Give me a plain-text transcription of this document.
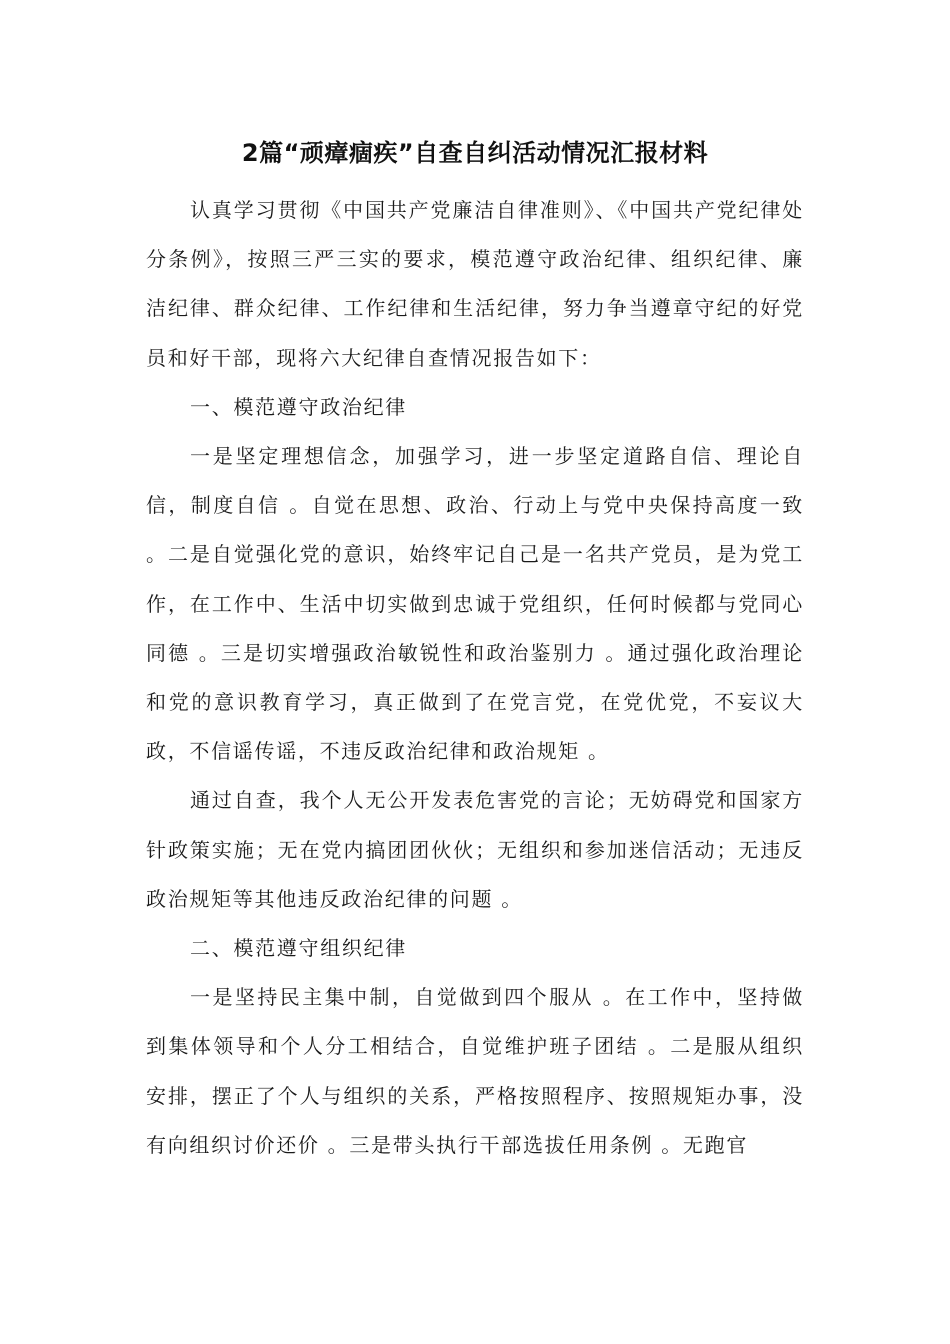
2篇“顽瘴痼疾”自查自纠活动情况汇报材料

认真学习贯彻《中国共产党廉洁自律准则》、《中国共产党纪律处分条例》，按照三严三实的要求，模范遵守政治纪律、组织纪律、廉洁纪律、群众纪律、工作纪律和生活纪律，努力争当遵章守纪的好党员和好干部，现将六大纪律自查情况报告如下：

一、模范遵守政治纪律

一是坚定理想信念，加强学习，进一步坚定道路自信、理论自信，制度自信 。自觉在思想、政治、行动上与党中央保持高度一致 。二是自觉强化党的意识，始终牢记自己是一名共产党员，是为党工作，在工作中、生活中切实做到忠诚于党组织，任何时候都与党同心同德 。三是切实增强政治敏锐性和政治鉴别力 。通过强化政治理论和党的意识教育学习，真正做到了在党言党，在党优党，不妄议大政，不信谣传谣，不违反政治纪律和政治规矩 。

通过自查，我个人无公开发表危害党的言论；无妨碍党和国家方针政策实施；无在党内搞团团伙伙；无组织和参加迷信活动；无违反政治规矩等其他违反政治纪律的问题 。

二、模范遵守组织纪律

一是坚持民主集中制，自觉做到四个服从 。在工作中，坚持做到集体领导和个人分工相结合，自觉维护班子团结 。二是服从组织安排，摆正了个人与组织的关系，严格按照程序、按照规矩办事，没有向组织讨价还价 。三是带头执行干部选拔任用条例 。无跑官
